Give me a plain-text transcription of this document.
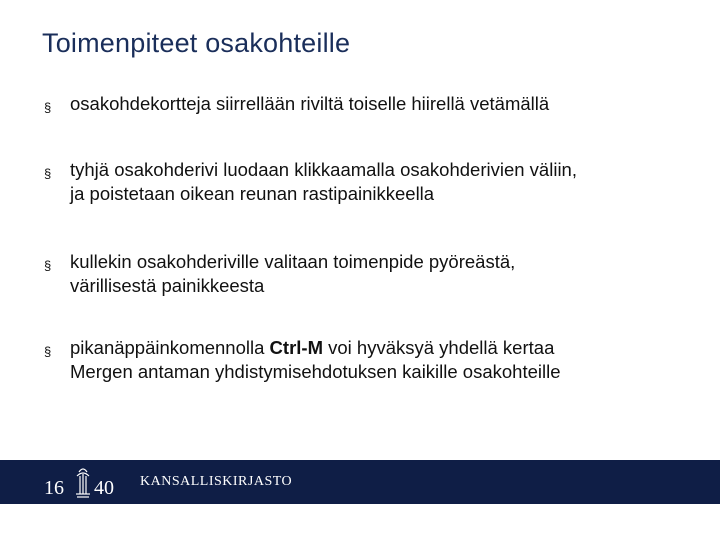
Toimenpiteet osakohteille
§ osakohdekortteja siirrellään riviltä toiselle hiirellä vetämällä
§ tyhjä osakohderivi luodaan klikkaamalla osakohderivien väliin,
ja poistetaan oikean reunan rastipainikkeella
§ kullekin osakohderiville valitaan toimenpide pyöreästä,
värillisestä painikkeesta
§ pikanäppäinkomennolla Ctrl-M voi hyväksyä yhdellä kertaa
Mergen antaman yhdistymisehdotuksen kaikille osakohteille
16 40 KANSALLISKIRJASTO
